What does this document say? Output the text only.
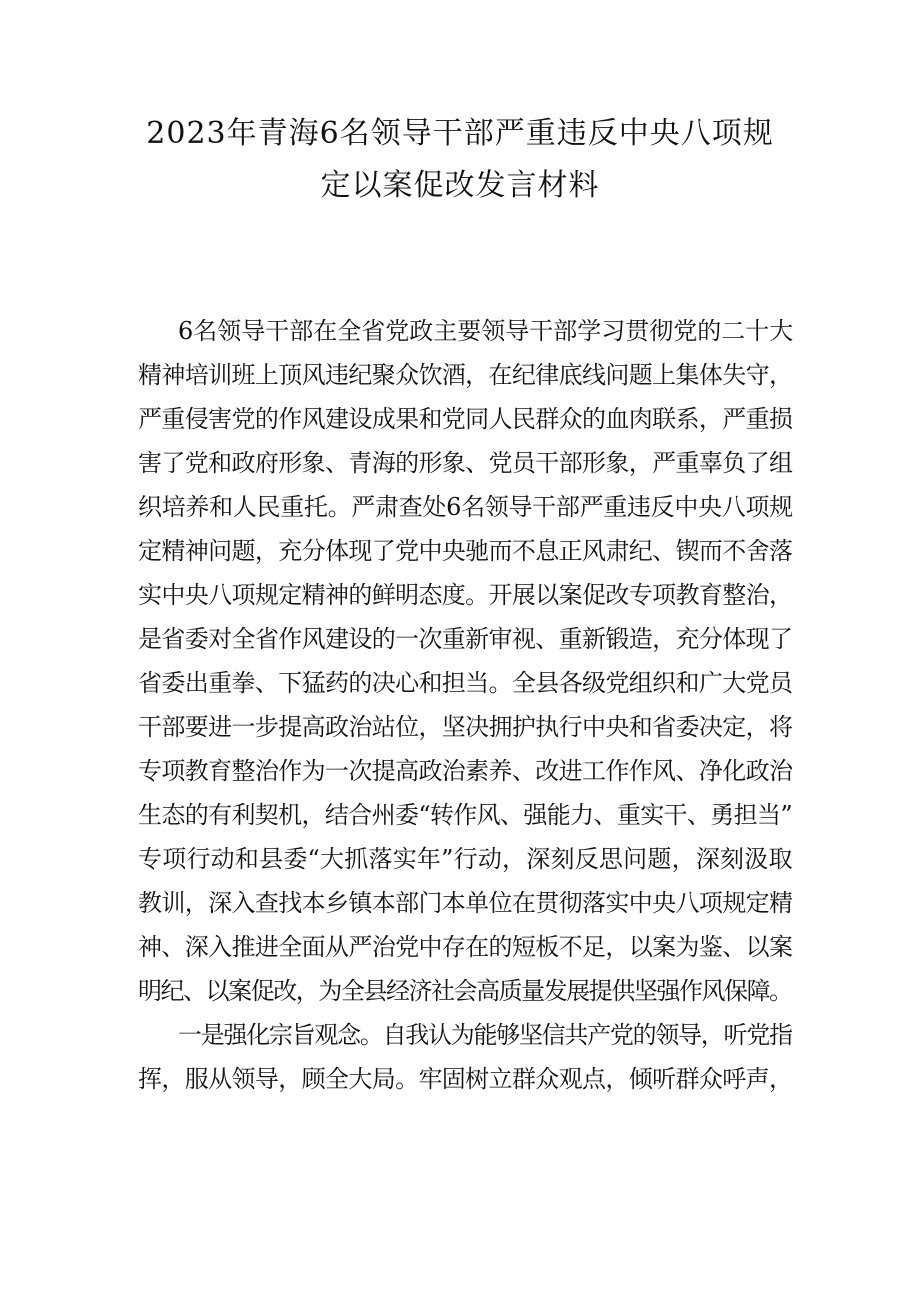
2023年青海6名领导干部严重违反中央八项规
定以案促改发言材料
6名领导干部在全省党政主要领导干部学习贯彻党的二十大
精神培训班上顶风违纪聚众饮酒，在纪律底线问题上集体失守，
严重侵害党的作风建设成果和党同人民群众的血肉联系，严重损
害了党和政府形象、青海的形象、党员干部形象，严重辜负了组
织培养和人民重托。严肃查处6名领导干部严重违反中央八项规
定精神问题，充分体现了党中央驰而不息正风肃纪、锲而不舍落
实中央八项规定精神的鲜明态度。开展以案促改专项教育整治，
是省委对全省作风建设的一次重新审视、重新锻造，充分体现了
省委出重拳、下猛药的决心和担当。全县各级党组织和广大党员
干部要进一步提高政治站位，坚决拥护执行中央和省委决定，将
专项教育整治作为一次提高政治素养、改进工作作风、净化政治
生态的有利契机，结合州委“转作风、强能力、重实干、勇担当”
专项行动和县委“大抓落实年”行动，深刻反思问题，深刻汲取
教训，深入查找本乡镇本部门本单位在贯彻落实中央八项规定精
神、深入推进全面从严治党中存在的短板不足，以案为鉴、以案
明纪、以案促改，为全县经济社会高质量发展提供坚强作风保障。
一是强化宗旨观念。自我认为能够坚信共产党的领导，听党指
挥，服从领导，顾全大局。牢固树立群众观点，倾听群众呼声，
